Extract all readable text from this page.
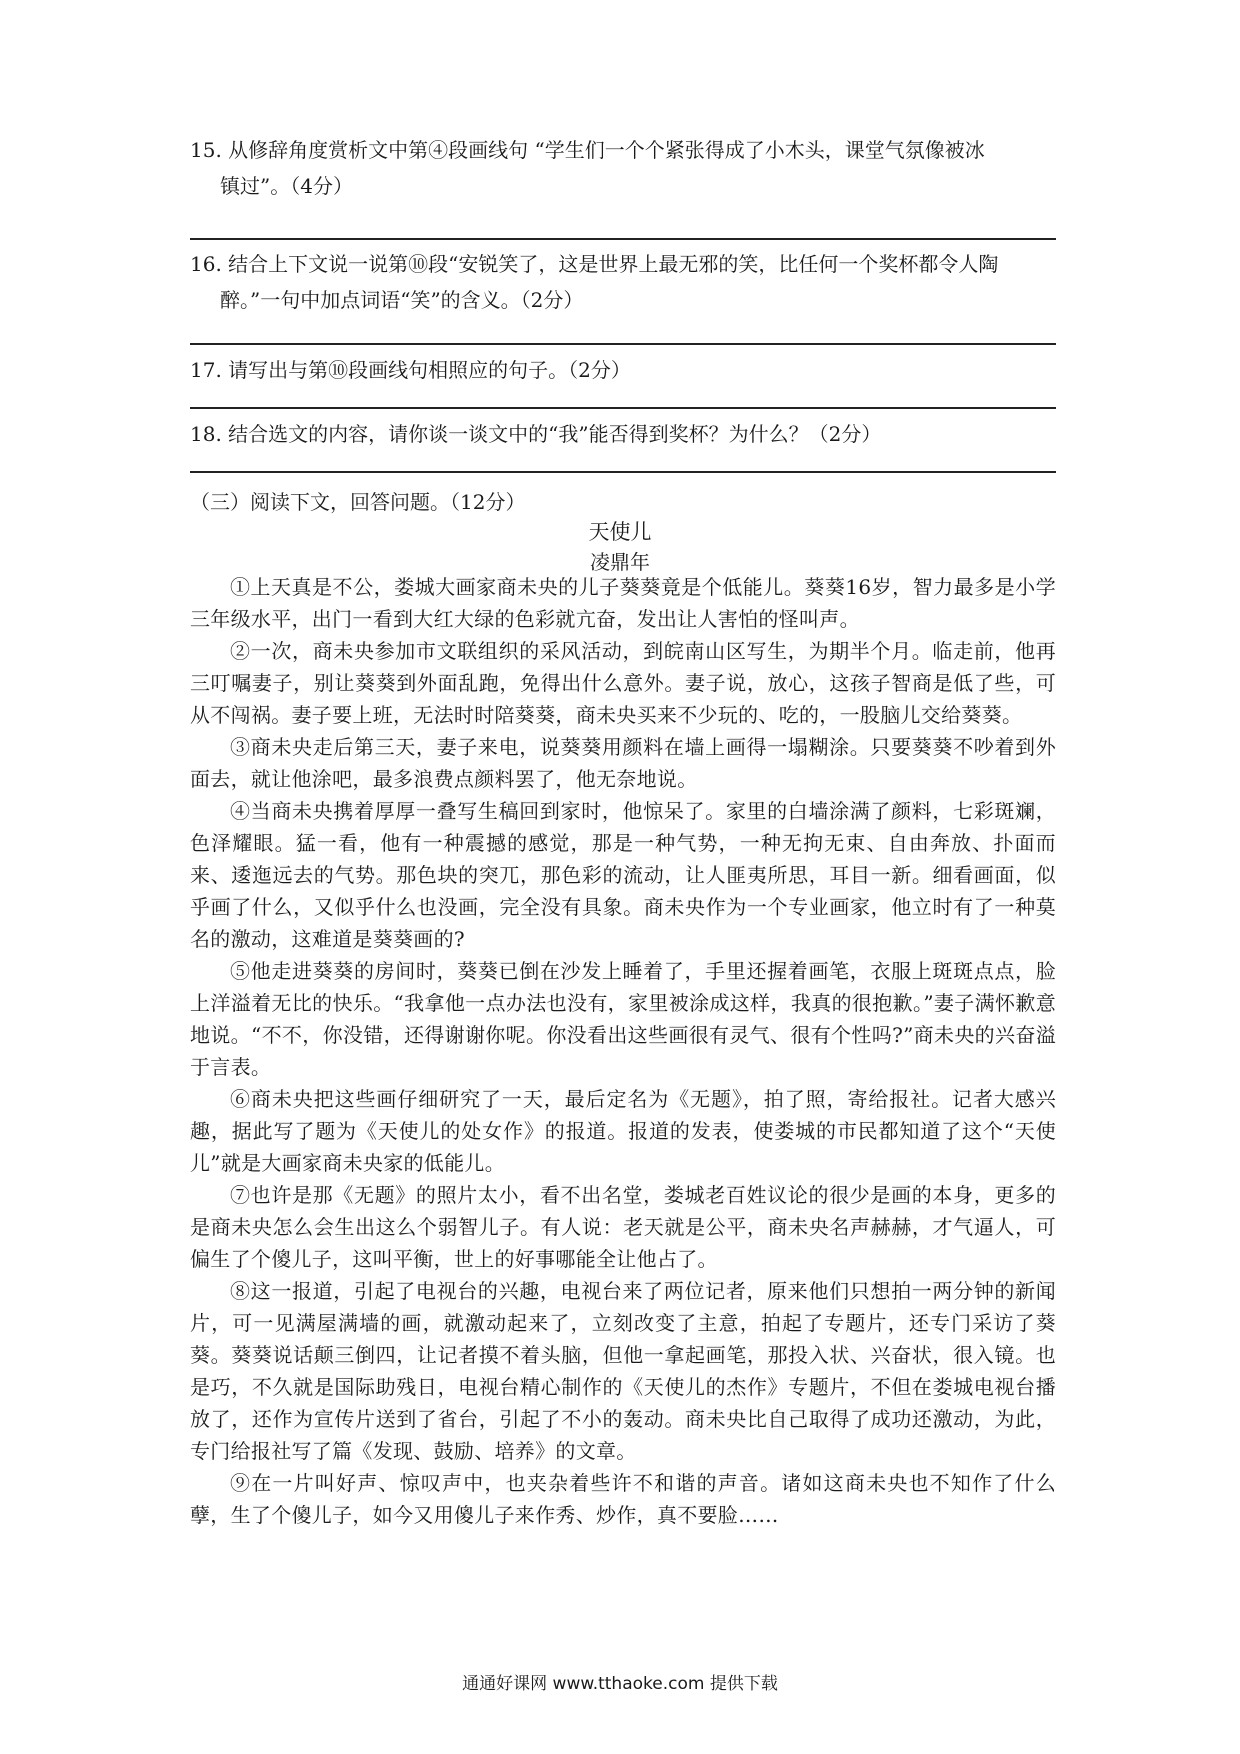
15. 从修辞角度赏析文中第④段画线句 “学生们一个个紧张得成了小木头，课堂气氛像被冰
镇过”。（4分）
16. 结合上下文说一说第⑩段“安锐笑了，这是世界上最无邪的笑，比任何一个奖杯都令人陶
醉。”一句中加点词语“笑”的含义。（2分）
17. 请写出与第⑩段画线句相照应的句子。（2分）
18. 结合选文的内容，请你谈一谈文中的“我”能否得到奖杯？为什么？（2分）
（三）阅读下文，回答问题。（12分）
天使儿
凌鼎年

①上天真是不公，娄城大画家商未央的儿子葵葵竟是个低能儿。葵葵16岁，智力最多是小学三年级水平，出门一看到大红大绿的色彩就亢奋，发出让人害怕的怪叫声。

②一次，商未央参加市文联组织的采风活动，到皖南山区写生，为期半个月。临走前，他再三叮嘱妻子，别让葵葵到外面乱跑，免得出什么意外。妻子说，放心，这孩子智商是低了些，可从不闯祸。妻子要上班，无法时时陪葵葵，商未央买来不少玩的、吃的，一股脑儿交给葵葵。

③商未央走后第三天，妻子来电，说葵葵用颜料在墙上画得一塌糊涂。只要葵葵不吵着到外面去，就让他涂吧，最多浪费点颜料罢了，他无奈地说。

④当商未央携着厚厚一叠写生稿回到家时，他惊呆了。家里的白墙涂满了颜料，七彩斑斓，色泽耀眼。猛一看，他有一种震撼的感觉，那是一种气势，一种无拘无束、自由奔放、扑面而来、逶迤远去的气势。那色块的突兀，那色彩的流动，让人匪夷所思，耳目一新。细看画面，似乎画了什么，又似乎什么也没画，完全没有具象。商未央作为一个专业画家，他立时有了一种莫名的激动，这难道是葵葵画的?

⑤他走进葵葵的房间时，葵葵已倒在沙发上睡着了，手里还握着画笔，衣服上斑斑点点，脸上洋溢着无比的快乐。“我拿他一点办法也没有，家里被涂成这样，我真的很抱歉。”妻子满怀歉意地说。“不不，你没错，还得谢谢你呢。你没看出这些画很有灵气、很有个性吗?”商未央的兴奋溢于言表。

⑥商未央把这些画仔细研究了一天，最后定名为《无题》，拍了照，寄给报社。记者大感兴趣，据此写了题为《天使儿的处女作》的报道。报道的发表，使娄城的市民都知道了这个“天使儿”就是大画家商未央家的低能儿。

⑦也许是那《无题》的照片太小，看不出名堂，娄城老百姓议论的很少是画的本身，更多的是商未央怎么会生出这么个弱智儿子。有人说：老天就是公平，商未央名声赫赫，才气逼人，可偏生了个傻儿子，这叫平衡，世上的好事哪能全让他占了。

⑧这一报道，引起了电视台的兴趣，电视台来了两位记者，原来他们只想拍一两分钟的新闻片，可一见满屋满墙的画，就激动起来了，立刻改变了主意，拍起了专题片，还专门采访了葵葵。葵葵说话颠三倒四，让记者摸不着头脑，但他一拿起画笔，那投入状、兴奋状，很入镜。也是巧，不久就是国际助残日，电视台精心制作的《天使儿的杰作》专题片，不但在娄城电视台播放了，还作为宣传片送到了省台，引起了不小的轰动。商未央比自己取得了成功还激动，为此，专门给报社写了篇《发现、鼓励、培养》的文章。

⑨在一片叫好声、惊叹声中，也夹杂着些许不和谐的声音。诸如这商未央也不知作了什么孽，生了个傻儿子，如今又用傻儿子来作秀、炒作，真不要脸……

通通好课网 www.tthaoke.com 提供下载
